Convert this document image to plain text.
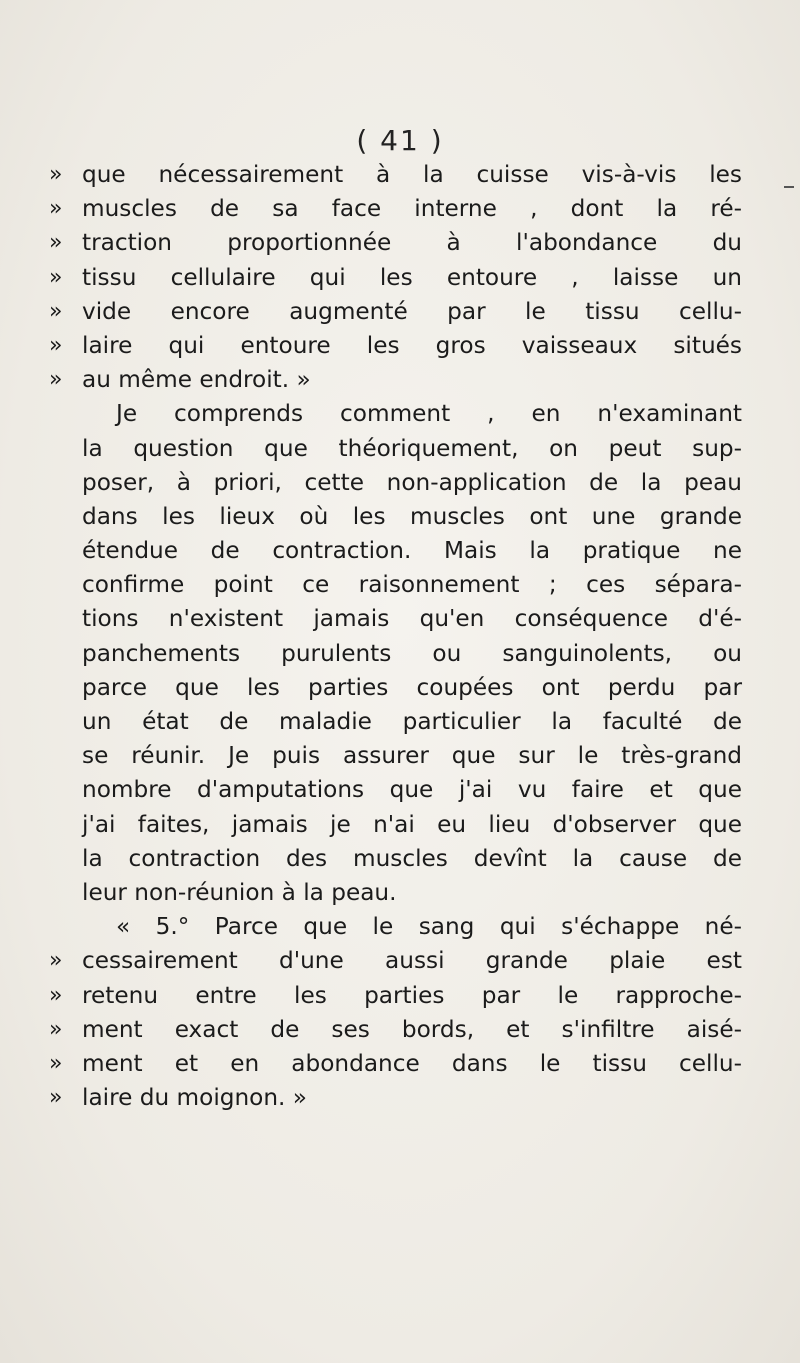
( 41 )
» que nécessairement à la cuisse vis-à-vis les
» muscles de sa face interne , dont la ré-
» traction proportionnée à l'abondance du
» tissu cellulaire qui les entoure , laisse un
» vide encore augmenté par le tissu cellu-
» laire qui entoure les gros vaisseaux situés
» au même endroit. »
Je comprends comment , en n'examinant
la question que théoriquement, on peut sup-
poser, à priori, cette non-application de la peau
dans les lieux où les muscles ont une grande
étendue de contraction. Mais la pratique ne
confirme point ce raisonnement ; ces sépara-
tions n'existent jamais qu'en conséquence d'é-
panchements purulents ou sanguinolents, ou
parce que les parties coupées ont perdu par
un état de maladie particulier la faculté de
se réunir. Je puis assurer que sur le très-grand
nombre d'amputations que j'ai vu faire et que
j'ai faites, jamais je n'ai eu lieu d'observer que
la contraction des muscles devînt la cause de
leur non-réunion à la peau.
« 5.° Parce que le sang qui s'échappe né-
» cessairement d'une aussi grande plaie est
» retenu entre les parties par le rapproche-
» ment exact de ses bords, et s'infiltre aisé-
» ment et en abondance dans le tissu cellu-
» laire du moignon. »
